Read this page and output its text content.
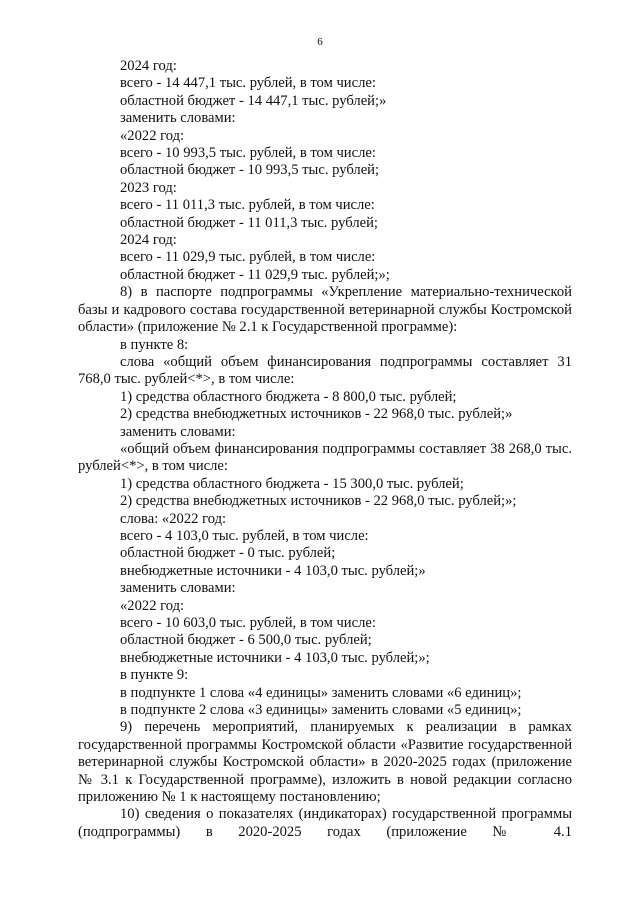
6

2024 год:

всего - 14 447,1 тыс. рублей, в том числе:

областной бюджет - 14 447,1 тыс. рублей;»

заменить словами:

«2022 год:

всего - 10 993,5 тыс. рублей, в том числе:

областной бюджет - 10 993,5 тыс. рублей;

2023 год:

всего - 11 011,3 тыс. рублей, в том числе:

областной бюджет - 11 011,3 тыс. рублей;

2024 год:

всего - 11 029,9 тыс. рублей, в том числе:

областной бюджет - 11 029,9 тыс. рублей;»;

8) в паспорте подпрограммы «Укрепление материально-технической базы и кадрового состава государственной ветеринарной службы Костромской области» (приложение № 2.1 к Государственной программе):

в пункте 8:

слова «общий объем финансирования подпрограммы составляет 31 768,0 тыс. рублей<*>, в том числе:

1) средства областного бюджета - 8 800,0 тыс. рублей;

2) средства внебюджетных источников - 22 968,0 тыс. рублей;»

заменить словами:

«общий объем финансирования подпрограммы составляет 38 268,0 тыс. рублей<*>, в том числе:

1) средства областного бюджета - 15 300,0 тыс. рублей;

2) средства внебюджетных источников - 22 968,0 тыс. рублей;»;

слова: «2022 год:

всего - 4 103,0 тыс. рублей, в том числе:

областной бюджет - 0 тыс. рублей;

внебюджетные источники - 4 103,0 тыс. рублей;»

заменить словами:

«2022 год:

всего - 10 603,0 тыс. рублей, в том числе:

областной бюджет - 6 500,0 тыс. рублей;

внебюджетные источники - 4 103,0 тыс. рублей;»;

в пункте 9:

в подпункте 1 слова «4 единицы» заменить словами «6 единиц»;

в подпункте 2 слова «3 единицы» заменить словами «5 единиц»;

9) перечень мероприятий, планируемых к реализации в рамках государственной программы Костромской области «Развитие государственной ветеринарной службы Костромской области» в 2020-2025 годах (приложение № 3.1 к Государственной программе), изложить в новой редакции согласно приложению № 1 к настоящему постановлению;

10) сведения о показателях (индикаторах) государственной программы (подпрограммы) в 2020-2025 годах (приложение № 4.1
